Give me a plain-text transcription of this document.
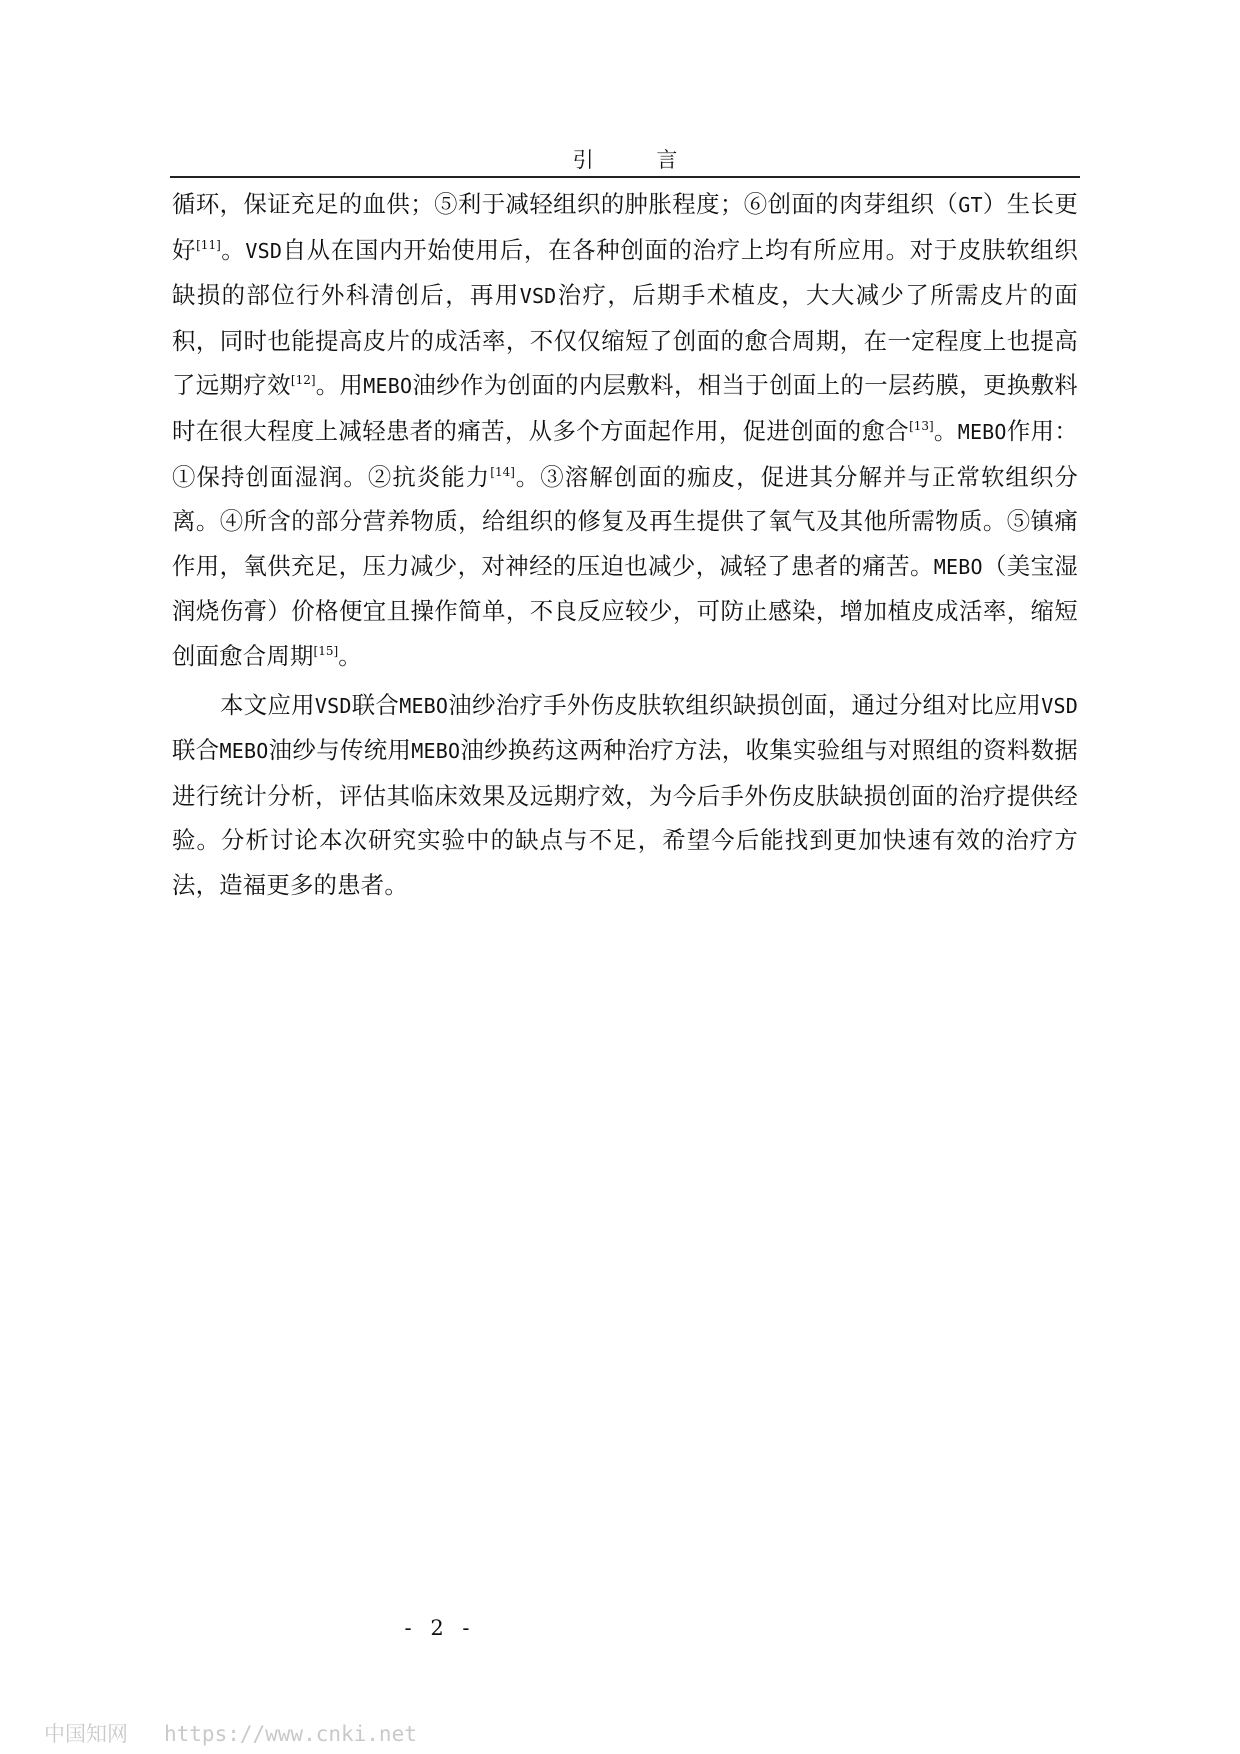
引 言

循环，保证充足的血供；⑤利于减轻组织的肿胀程度；⑥创面的肉芽组织（GT）生长更好[11]。VSD自从在国内开始使用后，在各种创面的治疗上均有所应用。对于皮肤软组织缺损的部位行外科清创后，再用VSD治疗，后期手术植皮，大大减少了所需皮片的面积，同时也能提高皮片的成活率，不仅仅缩短了创面的愈合周期，在一定程度上也提高了远期疗效[12]。用MEBO油纱作为创面的内层敷料，相当于创面上的一层药膜，更换敷料时在很大程度上减轻患者的痛苦，从多个方面起作用，促进创面的愈合[13]。MEBO作用：①保持创面湿润。②抗炎能力[14]。③溶解创面的痂皮，促进其分解并与正常软组织分离。④所含的部分营养物质，给组织的修复及再生提供了氧气及其他所需物质。⑤镇痛作用，氧供充足，压力减少，对神经的压迫也减少，减轻了患者的痛苦。MEBO（美宝湿润烧伤膏）价格便宜且操作简单，不良反应较少，可防止感染，增加植皮成活率，缩短创面愈合周期[15]。

本文应用VSD联合MEBO油纱治疗手外伤皮肤软组织缺损创面，通过分组对比应用VSD联合MEBO油纱与传统用MEBO油纱换药这两种治疗方法，收集实验组与对照组的资料数据进行统计分析，评估其临床效果及远期疗效，为今后手外伤皮肤缺损创面的治疗提供经验。分析讨论本次研究实验中的缺点与不足，希望今后能找到更加快速有效的治疗方法，造福更多的患者。

- 2 -
中国知网 https://www.cnki.net
